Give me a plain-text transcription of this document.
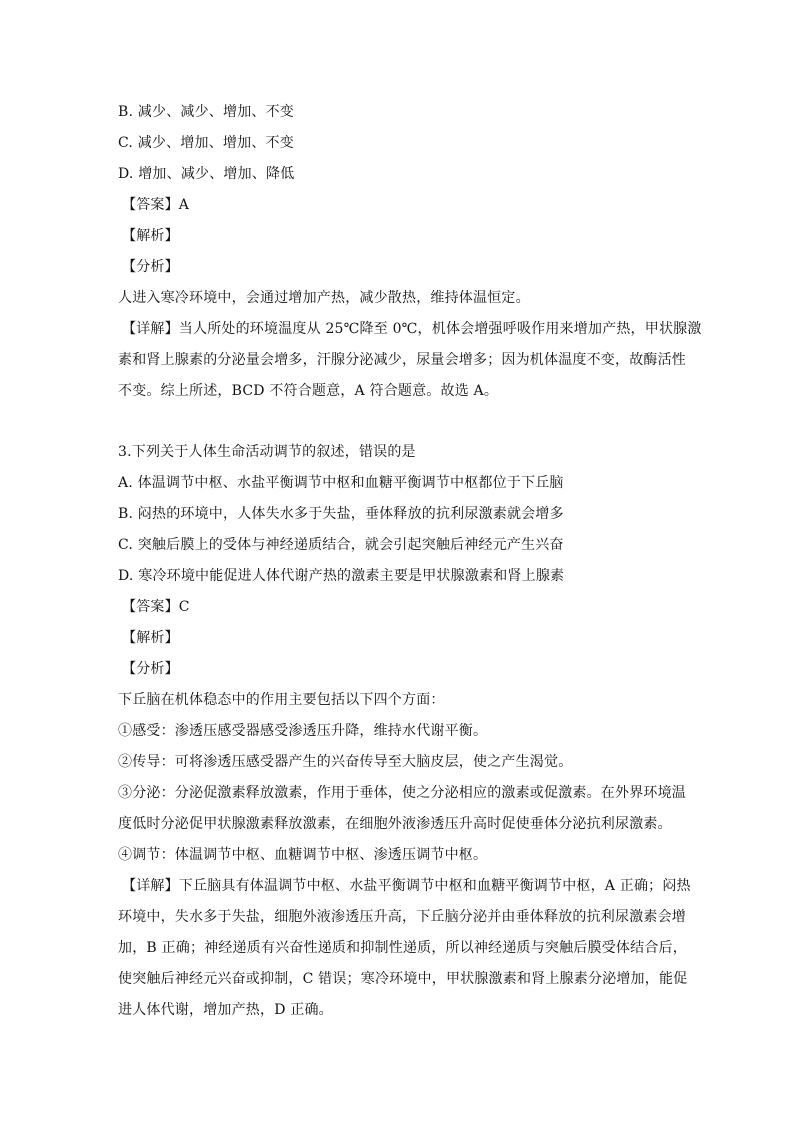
B. 减少、减少、增加、不变
C. 减少、增加、增加、不变
D. 增加、减少、增加、降低
【答案】A
【解析】
【分析】
人进入寒冷环境中，会通过增加产热，减少散热，维持体温恒定。
【详解】当人所处的环境温度从 25℃降至 0℃，机体会增强呼吸作用来增加产热，甲状腺激
素和肾上腺素的分泌量会增多，汗腺分泌减少，尿量会增多；因为机体温度不变，故酶活性
不变。综上所述，BCD 不符合题意，A 符合题意。故选 A。
3.下列关于人体生命活动调节的叙述，错误的是
A. 体温调节中枢、水盐平衡调节中枢和血糖平衡调节中枢都位于下丘脑
B. 闷热的环境中，人体失水多于失盐，垂体释放的抗利尿激素就会增多
C. 突触后膜上的受体与神经递质结合，就会引起突触后神经元产生兴奋
D. 寒冷环境中能促进人体代谢产热的激素主要是甲状腺激素和肾上腺素
【答案】C
【解析】
【分析】
下丘脑在机体稳态中的作用主要包括以下四个方面：
①感受：渗透压感受器感受渗透压升降，维持水代谢平衡。
②传导：可将渗透压感受器产生的兴奋传导至大脑皮层，使之产生渴觉。
③分泌：分泌促激素释放激素，作用于垂体，使之分泌相应的激素或促激素。在外界环境温
度低时分泌促甲状腺激素释放激素，在细胞外液渗透压升高时促使垂体分泌抗利尿激素。
④调节：体温调节中枢、血糖调节中枢、渗透压调节中枢。
【详解】下丘脑具有体温调节中枢、水盐平衡调节中枢和血糖平衡调节中枢，A 正确；闷热
环境中，失水多于失盐，细胞外液渗透压升高，下丘脑分泌并由垂体释放的抗利尿激素会增
加，B 正确；神经递质有兴奋性递质和抑制性递质，所以神经递质与突触后膜受体结合后，
使突触后神经元兴奋或抑制，C 错误；寒冷环境中，甲状腺激素和肾上腺素分泌增加，能促
进人体代谢，增加产热，D 正确。
